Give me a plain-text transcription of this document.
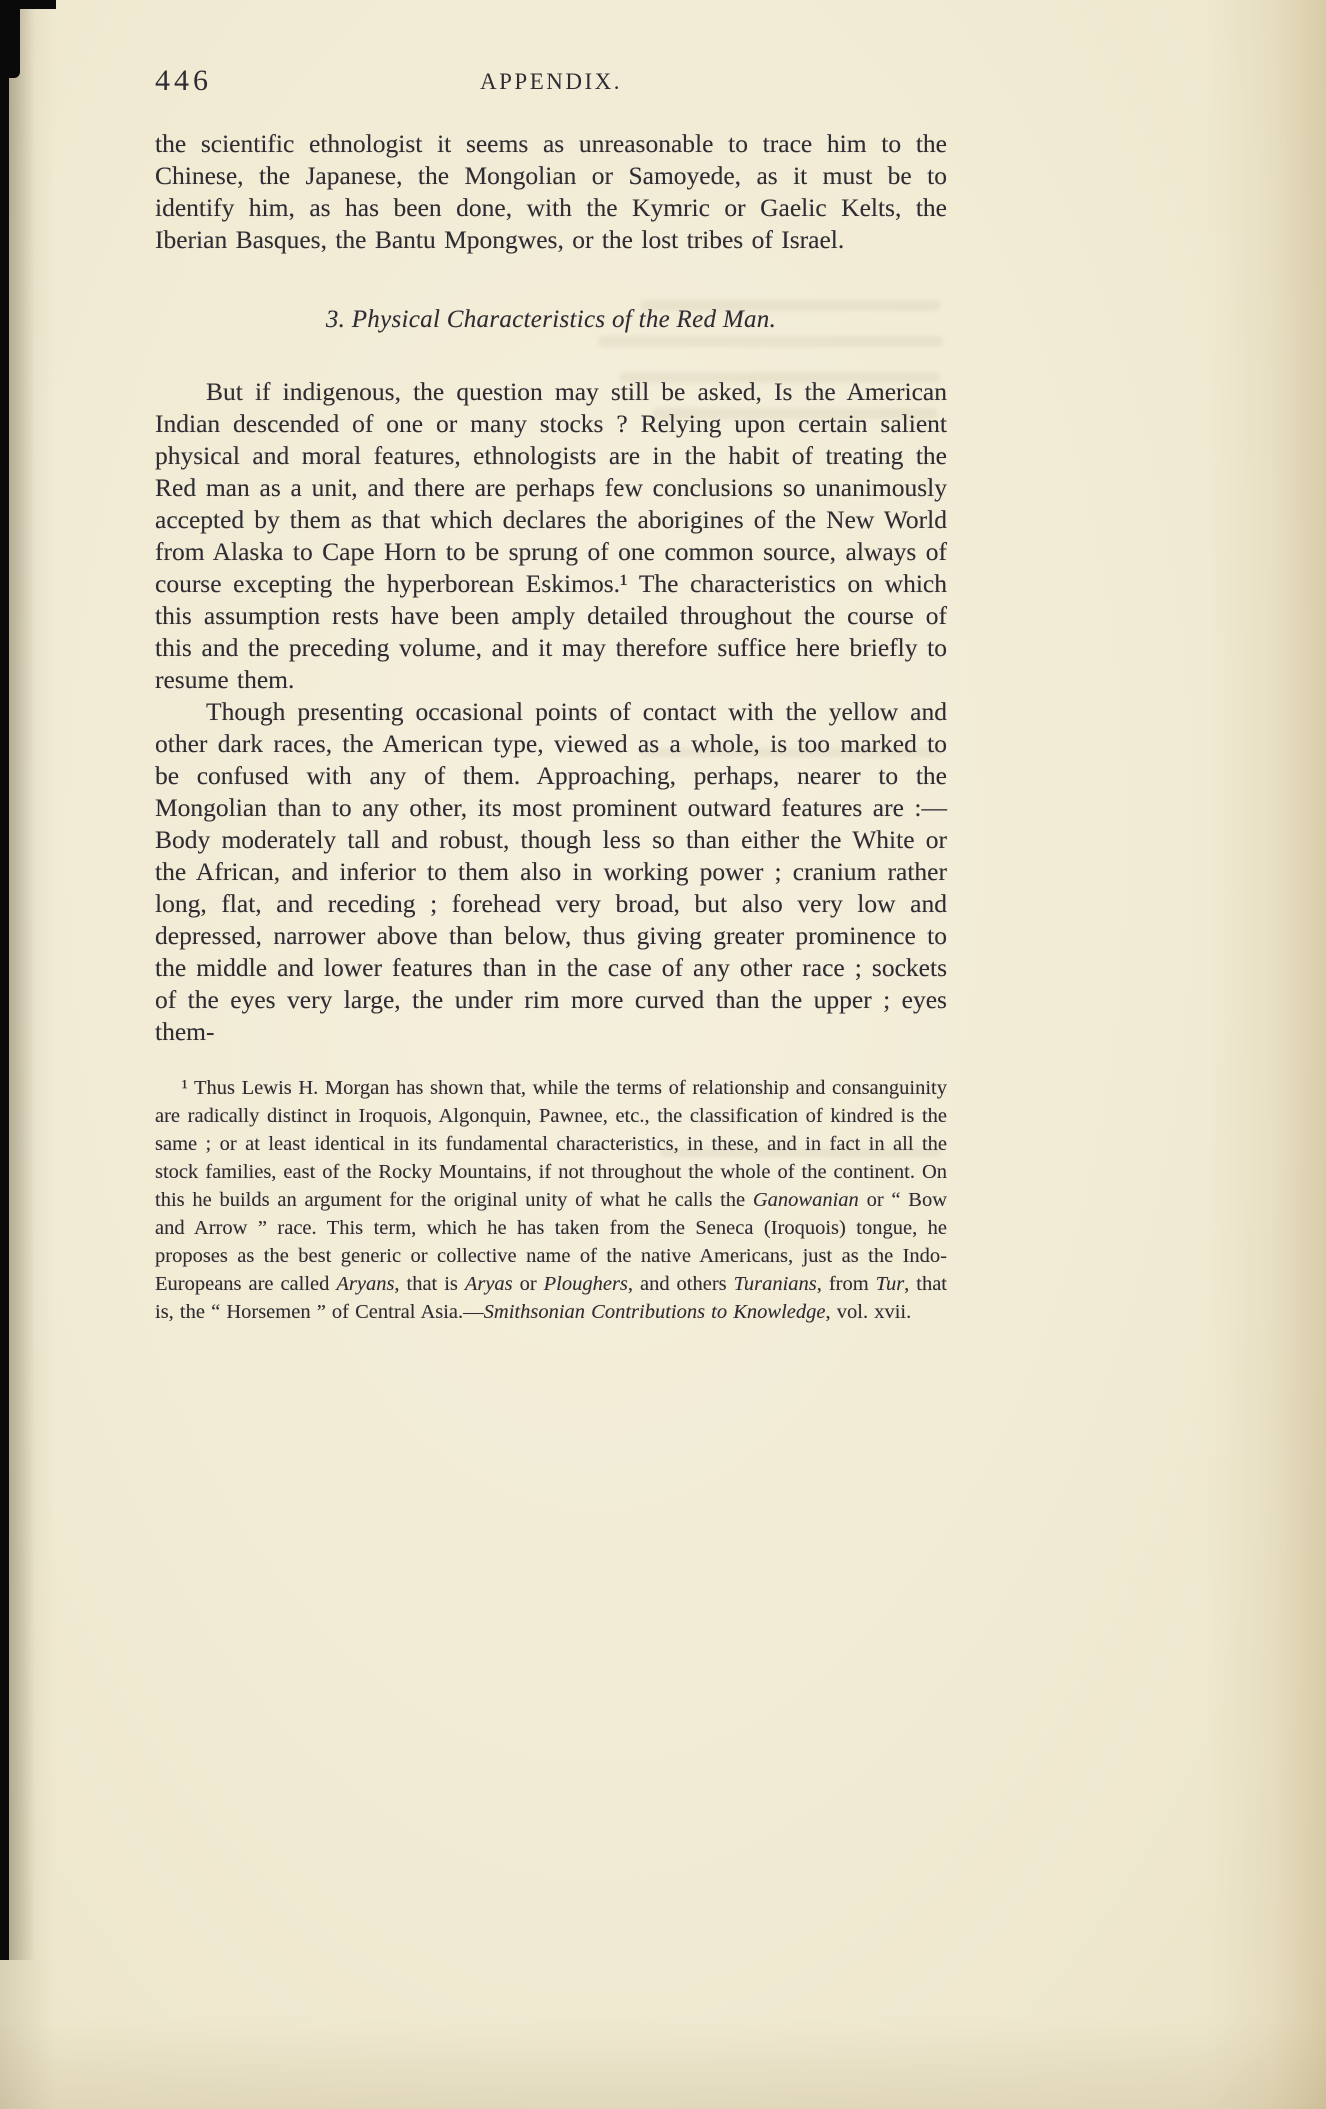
446	APPENDIX.

the scientific ethnologist it seems as unreasonable to trace him to the Chinese, the Japanese, the Mongolian or Samoyede, as it must be to identify him, as has been done, with the Kymric or Gaelic Kelts, the Iberian Basques, the Bantu Mpongwes, or the lost tribes of Israel.

3. Physical Characteristics of the Red Man.

But if indigenous, the question may still be asked, Is the American Indian descended of one or many stocks ? Relying upon certain salient physical and moral features, ethnologists are in the habit of treating the Red man as a unit, and there are perhaps few conclusions so unanimously accepted by them as that which declares the aborigines of the New World from Alaska to Cape Horn to be sprung of one common source, always of course excepting the hyperborean Eskimos.¹ The characteristics on which this assumption rests have been amply detailed throughout the course of this and the preceding volume, and it may therefore suffice here briefly to resume them.

Though presenting occasional points of contact with the yellow and other dark races, the American type, viewed as a whole, is too marked to be confused with any of them. Approaching, perhaps, nearer to the Mongolian than to any other, its most prominent outward features are :—Body moderately tall and robust, though less so than either the White or the African, and inferior to them also in working power ; cranium rather long, flat, and receding ; forehead very broad, but also very low and depressed, narrower above than below, thus giving greater prominence to the middle and lower features than in the case of any other race ; sockets of the eyes very large, the under rim more curved than the upper ; eyes them-

¹ Thus Lewis H. Morgan has shown that, while the terms of relationship and consanguinity are radically distinct in Iroquois, Algonquin, Pawnee, etc., the classification of kindred is the same ; or at least identical in its fundamental characteristics, in these, and in fact in all the stock families, east of the Rocky Mountains, if not throughout the whole of the continent. On this he builds an argument for the original unity of what he calls the Ganowanian or “ Bow and Arrow ” race. This term, which he has taken from the Seneca (Iroquois) tongue, he proposes as the best generic or collective name of the native Americans, just as the Indo-Europeans are called Aryans, that is Aryas or Ploughers, and others Turanians, from Tur, that is, the “ Horsemen ” of Central Asia.—Smithsonian Contributions to Knowledge, vol. xvii.
